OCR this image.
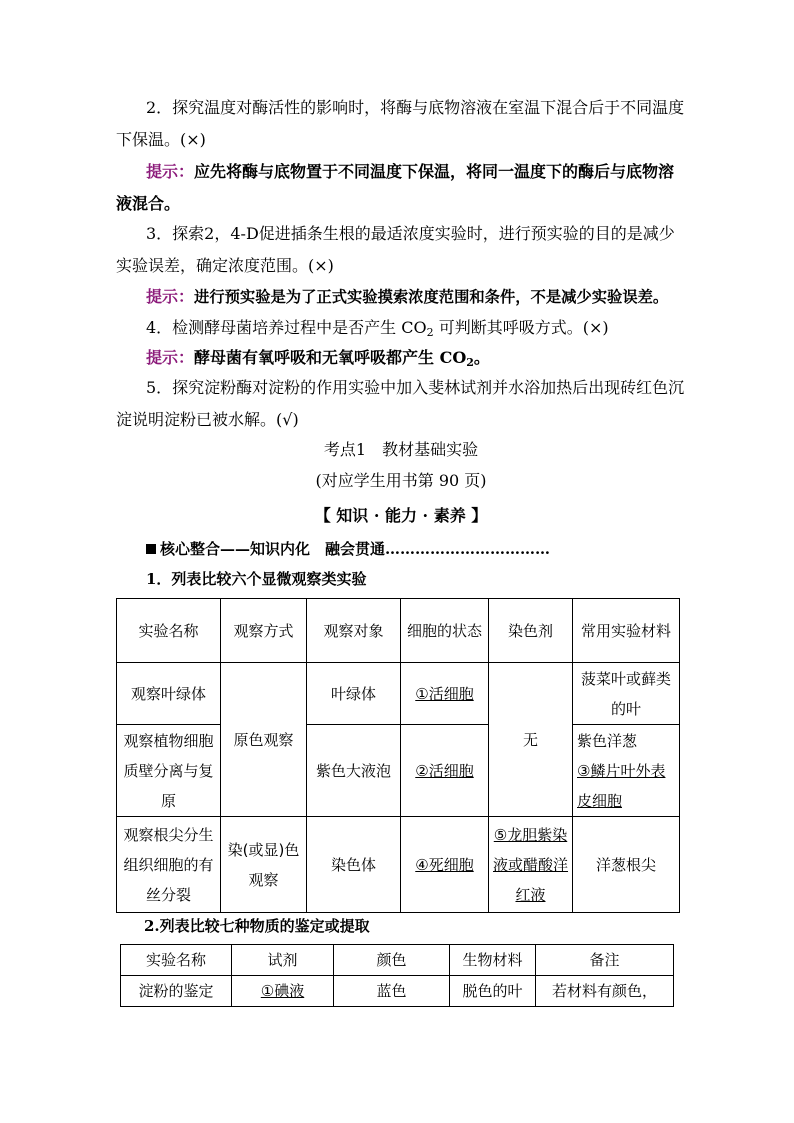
2．探究温度对酶活性的影响时，将酶与底物溶液在室温下混合后于不同温度下保温。(×)

提示：应先将酶与底物置于不同温度下保温，将同一温度下的酶后与底物溶液混合。

3．探索2，4-D促进插条生根的最适浓度实验时，进行预实验的目的是减少实验误差，确定浓度范围。(×)

提示：进行预实验是为了正式实验摸索浓度范围和条件，不是减少实验误差。

4．检测酵母菌培养过程中是否产生 $CO_2$ 可判断其呼吸方式。(×)

提示：酵母菌有氧呼吸和无氧呼吸都产生 $CO_2$。

5．探究淀粉酶对淀粉的作用实验中加入斐林试剂并水浴加热后出现砖红色沉淀说明淀粉已被水解。(√)

考点1　教材基础实验

(对应学生用书第 90 页)

【 知识 · 能力 · 素养 】

核心整合——知识内化　融会贯通……………………………

1．列表比较六个显微观察类实验

实验名称	观察方式	观察对象	细胞的状态	染色剂	常用实验材料
观察叶绿体	原色观察	叶绿体	①活细胞	无	菠菜叶或藓类的叶
观察植物细胞质壁分离与复原		紫色大液泡	②活细胞		紫色洋葱
③鳞片叶外表皮细胞

观察根尖分生组织细胞的有丝分裂	染(或显)色观察	染色体	④死细胞	⑤龙胆紫染液或醋酸洋红液	洋葱根尖

2.列表比较七种物质的鉴定或提取

实验名称	试剂	颜色	生物材料	备注
淀粉的鉴定	①碘液	蓝色	脱色的叶	若材料有颜色，
